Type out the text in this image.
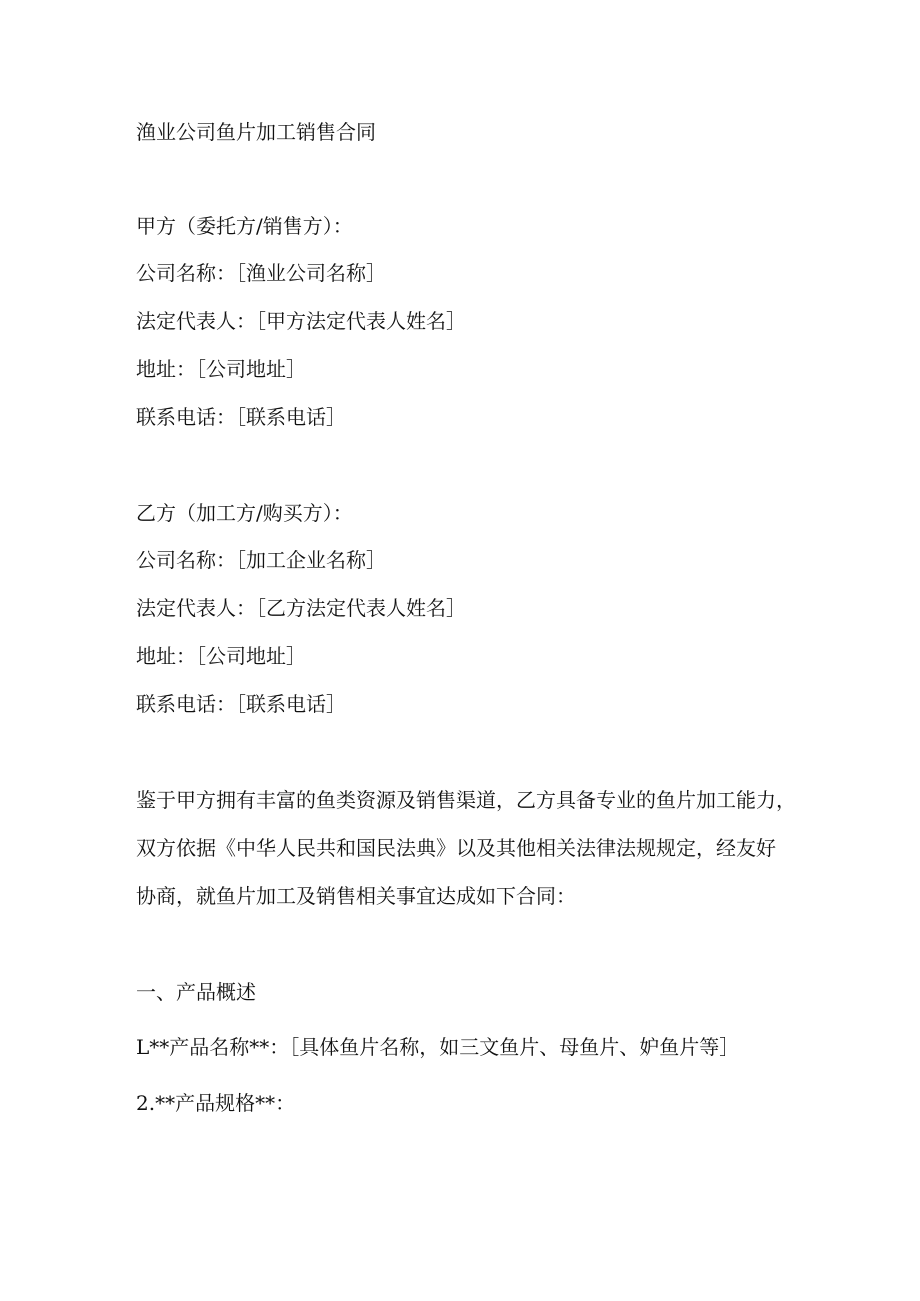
渔业公司鱼片加工销售合同

甲方（委托方/销售方）：

公司名称：［渔业公司名称］

法定代表人：［甲方法定代表人姓名］

地址：［公司地址］

联系电话：［联系电话］

乙方（加工方/购买方）：

公司名称：［加工企业名称］

法定代表人：［乙方法定代表人姓名］

地址：［公司地址］

联系电话：［联系电话］

鉴于甲方拥有丰富的鱼类资源及销售渠道，乙方具备专业的鱼片加工能力，

双方依据《中华人民共和国民法典》以及其他相关法律法规规定，经友好

协商，就鱼片加工及销售相关事宜达成如下合同：

一、产品概述

L**产品名称**：［具体鱼片名称，如三文鱼片、母鱼片、妒鱼片等］

2.**产品规格**：
